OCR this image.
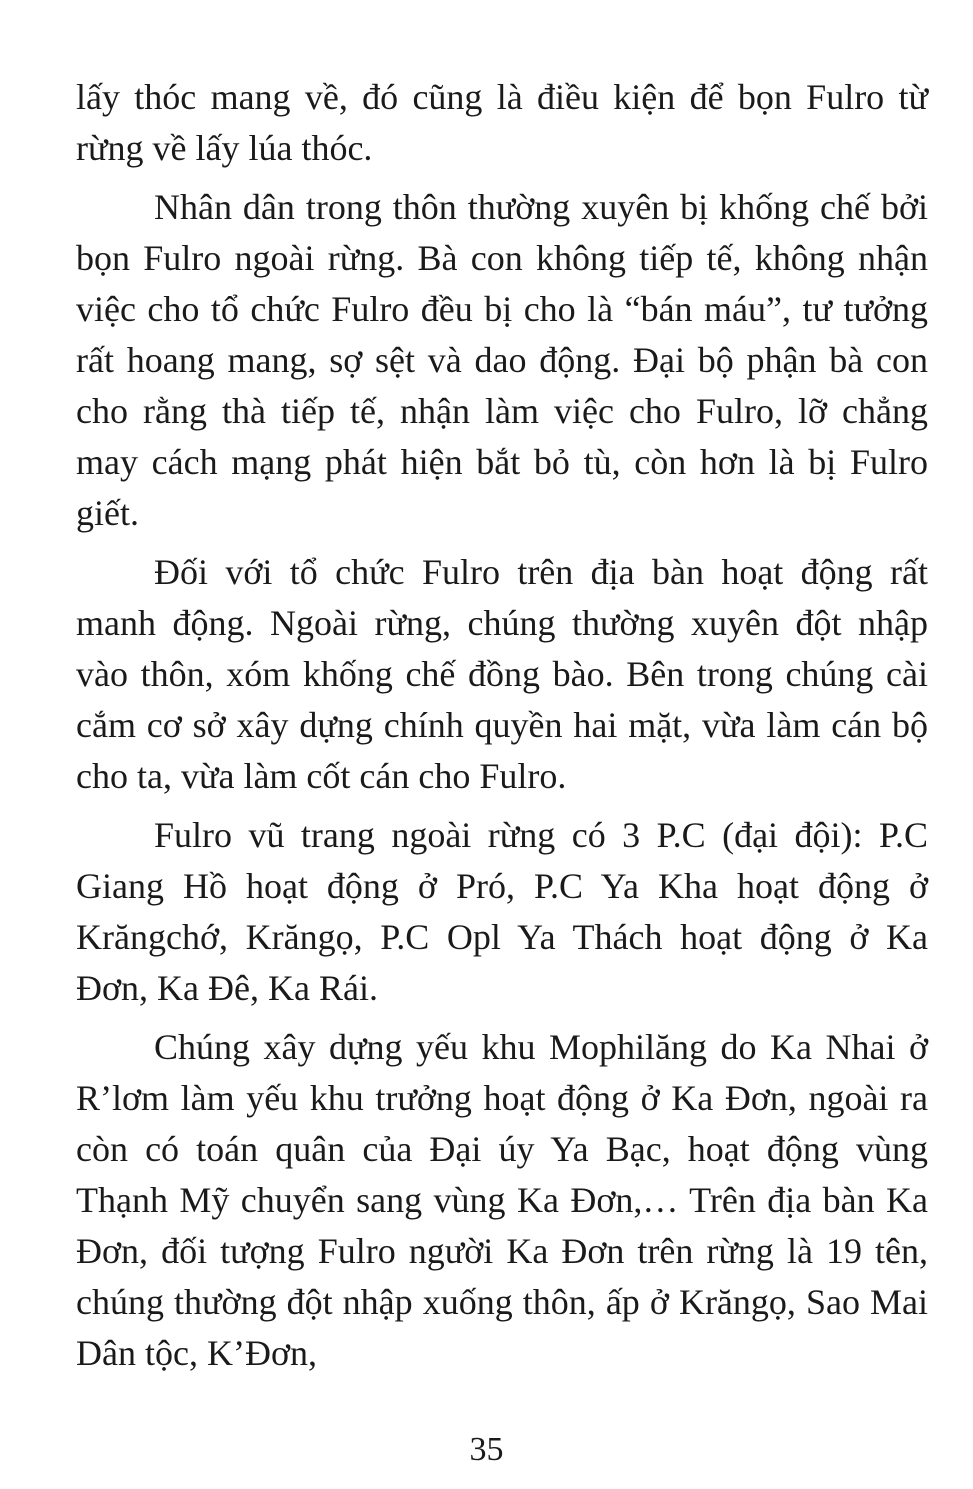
lấy thóc mang về, đó cũng là điều kiện để bọn Fulro từ rừng về lấy lúa thóc.

Nhân dân trong thôn thường xuyên bị khống chế bởi bọn Fulro ngoài rừng. Bà con không tiếp tế, không nhận việc cho tổ chức Fulro đều bị cho là “bán máu”, tư tưởng rất hoang mang, sợ sệt và dao động. Đại bộ phận bà con cho rằng thà tiếp tế, nhận làm việc cho Fulro, lỡ chẳng may cách mạng phát hiện bắt bỏ tù, còn hơn là bị Fulro giết.

Đối với tổ chức Fulro trên địa bàn hoạt động rất manh động. Ngoài rừng, chúng thường xuyên đột nhập vào thôn, xóm khống chế đồng bào. Bên trong chúng cài cắm cơ sở xây dựng chính quyền hai mặt, vừa làm cán bộ cho ta, vừa làm cốt cán cho Fulro.

Fulro vũ trang ngoài rừng có 3 P.C (đại đội): P.C Giang Hồ hoạt động ở Pró, P.C Ya Kha hoạt động ở Krăngchớ, Krăngọ, P.C Opl Ya Thách hoạt động ở Ka Đơn, Ka Đê, Ka Rái.

Chúng xây dựng yếu khu Mophilăng do Ka Nhai ở R’lơm làm yếu khu trưởng hoạt động ở Ka Đơn, ngoài ra còn có toán quân của Đại úy Ya Bạc, hoạt động vùng Thạnh Mỹ chuyển sang vùng Ka Đơn,… Trên địa bàn Ka Đơn, đối tượng Fulro người Ka Đơn trên rừng là 19 tên, chúng thường đột nhập xuống thôn, ấp ở Krăngọ, Sao Mai Dân tộc, K’Đơn,

35
